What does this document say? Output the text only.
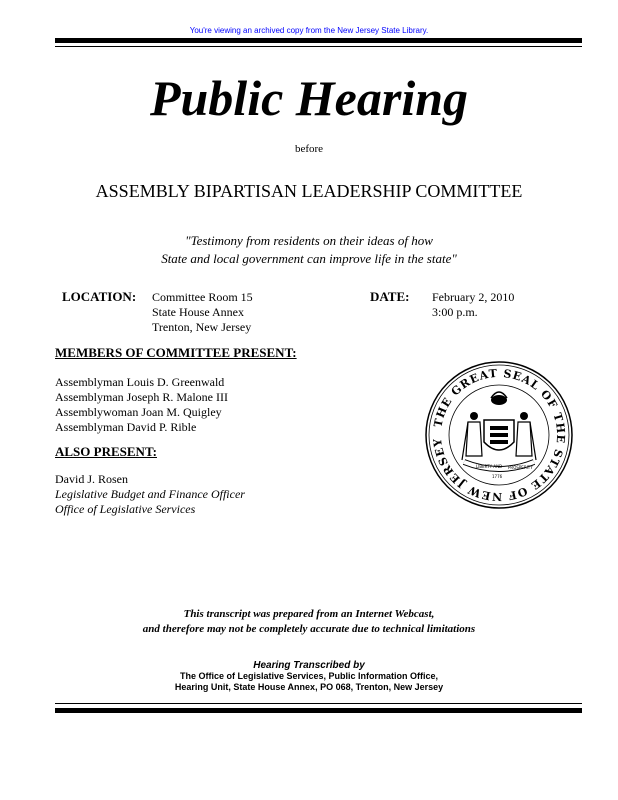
You're viewing an archived copy from the New Jersey State Library.
Public Hearing
before
ASSEMBLY BIPARTISAN LEADERSHIP COMMITTEE
"Testimony from residents on their ideas of how
State and local government can improve life in the state"
LOCATION: Committee Room 15
State House Annex
Trenton, New Jersey
DATE: February 2, 2010
3:00 p.m.
MEMBERS OF COMMITTEE PRESENT:
Assemblyman Louis D. Greenwald
Assemblyman Joseph R. Malone III
Assemblywoman Joan M. Quigley
Assemblyman David P. Rible
ALSO PRESENT:
David J. Rosen
Legislative Budget and Finance Officer
Office of Legislative Services
THE GREAT SEAL OF THE STATE OF NEW JERSEY
LIBERTY AND PROSPERITY
1776
This transcript was prepared from an Internet Webcast,
and therefore may not be completely accurate due to technical limitations
Hearing Transcribed by
The Office of Legislative Services, Public Information Office,
Hearing Unit, State House Annex, PO 068, Trenton, New Jersey
